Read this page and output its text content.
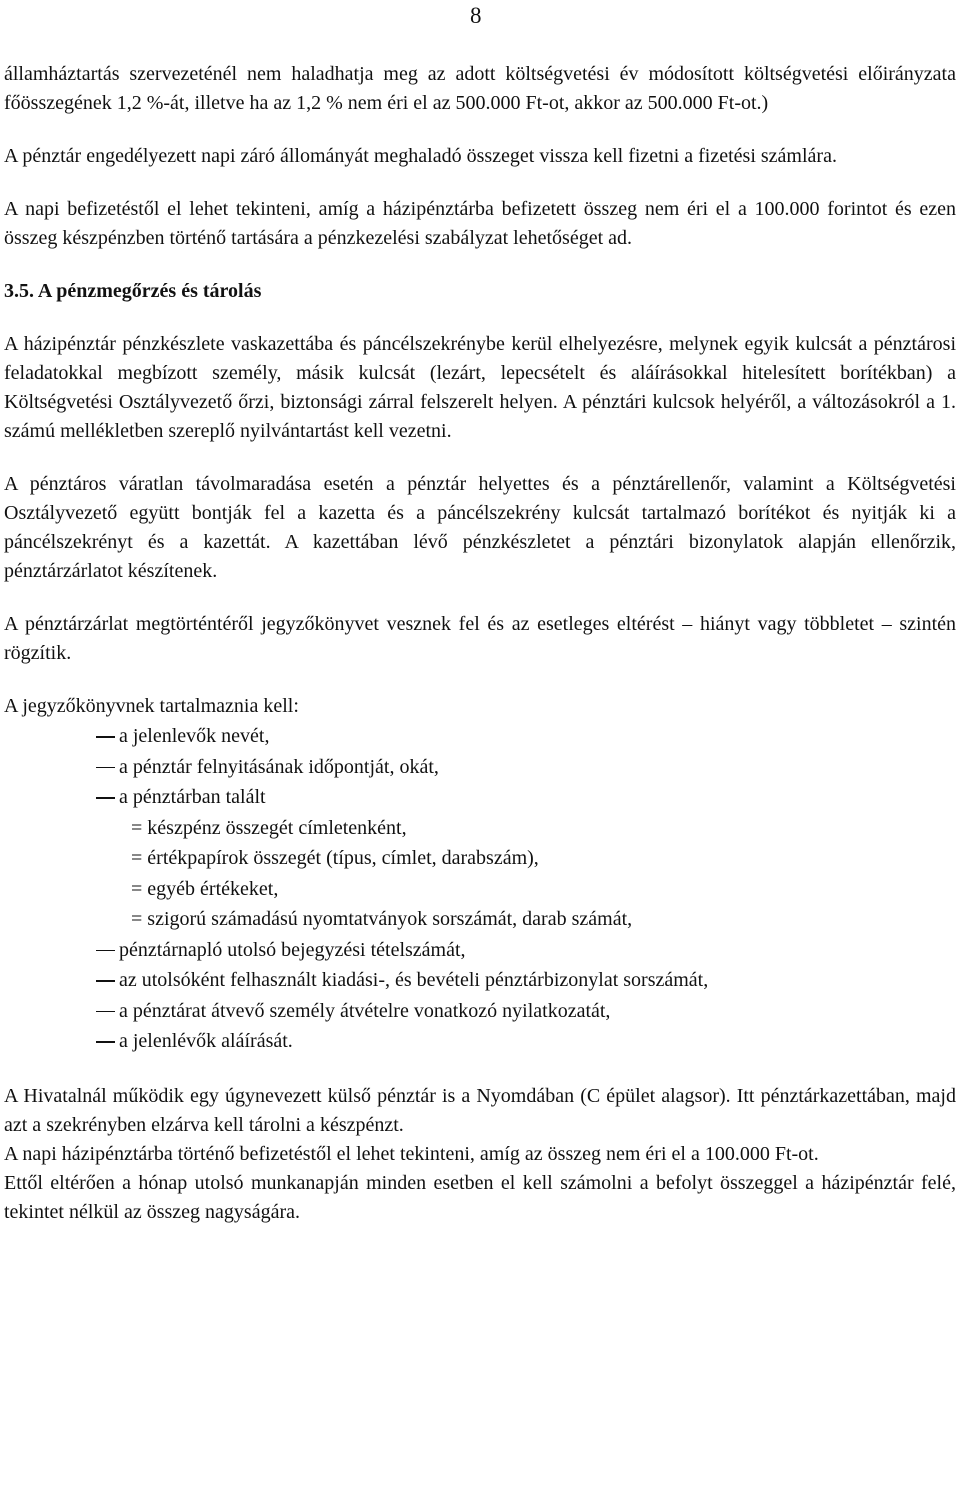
8

államháztartás szervezeténél nem haladhatja meg az adott költségvetési év módosított költségvetési előirányzata főösszegének 1,2 %-át, illetve ha az 1,2 % nem éri el az 500.000 Ft-ot, akkor az 500.000 Ft-ot.)

A pénztár engedélyezett napi záró állományát meghaladó összeget vissza kell fizetni a fizetési számlára.

A napi befizetéstől el lehet tekinteni, amíg a házipénztárba befizetett összeg nem éri el a 100.000 forintot és ezen összeg készpénzben történő tartására a pénzkezelési szabályzat lehetőséget ad.

3.5. A pénzmegőrzés és tárolás

A házipénztár pénzkészlete vaskazettába és páncélszekrénybe kerül elhelyezésre, melynek egyik kulcsát a pénztárosi feladatokkal megbízott személy, másik kulcsát (lezárt, lepecsételt és aláírásokkal hitelesített borítékban) a Költségvetési Osztályvezető őrzi, biztonsági zárral felszerelt helyen. A pénztári kulcsok helyéről, a változásokról a 1. számú mellékletben szereplő nyilvántartást kell vezetni.

A pénztáros váratlan távolmaradása esetén a pénztár helyettes és a pénztárellenőr, valamint a Költségvetési Osztályvezető együtt bontják fel a kazetta és a páncélszekrény kulcsát tartalmazó borítékot és nyitják ki a páncélszekrényt és a kazettát. A kazettában lévő pénzkészletet a pénztári bizonylatok alapján ellenőrzik, pénztárzárlatot készítenek.

A pénztárzárlat megtörténtéről jegyzőkönyvet vesznek fel és az esetleges eltérést ‒ hiányt vagy többletet ‒ szintén rögzítik.

A jegyzőkönyvnek tartalmaznia kell:

a jelenlevők nevét,
a pénztár felnyitásának időpontját, okát,
a pénztárban talált
= készpénz összegét címletenként,
= értékpapírok összegét (típus, címlet, darabszám),
= egyéb értékeket,
= szigorú számadású nyomtatványok sorszámát, darab számát,
pénztárnapló utolsó bejegyzési tételszámát,
az utolsóként felhasznált kiadási-, és bevételi pénztárbizonylat sorszámát,
a pénztárat átvevő személy átvételre vonatkozó nyilatkozatát,
a jelenlévők aláírását.

A Hivatalnál működik egy úgynevezett külső pénztár is a Nyomdában (C épület alagsor). Itt pénztárkazettában, majd azt a szekrényben elzárva kell tárolni a készpénzt.

A napi házipénztárba történő befizetéstől el lehet tekinteni, amíg az összeg nem éri el a 100.000 Ft-ot.

Ettől eltérően a hónap utolsó munkanapján minden esetben el kell számolni a befolyt összeggel a házipénztár felé, tekintet nélkül az összeg nagyságára.
